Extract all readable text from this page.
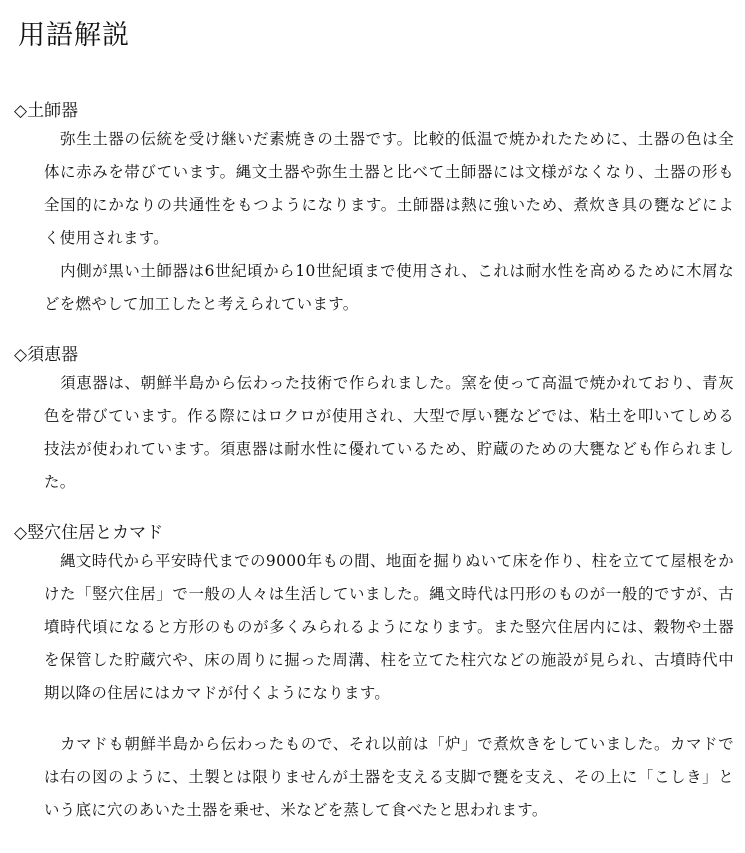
用語解説
◇土師器

弥生土器の伝統を受け継いだ素焼きの土器です。比較的低温で焼かれたために、土器の色は全体に赤みを帯びています。縄文土器や弥生土器と比べて土師器には文様がなくなり、土器の形も全国的にかなりの共通性をもつようになります。土師器は熱に強いため、煮炊き具の甕などによく使用されます。

内側が黒い土師器は6世紀頃から10世紀頃まで使用され、これは耐水性を高めるために木屑などを燃やして加工したと考えられています。

◇須恵器

須恵器は、朝鮮半島から伝わった技術で作られました。窯を使って高温で焼かれており、青灰色を帯びています。作る際にはロクロが使用され、大型で厚い甕などでは、粘土を叩いてしめる技法が使われています。須恵器は耐水性に優れているため、貯蔵のための大甕なども作られました。

◇竪穴住居とカマド

縄文時代から平安時代までの9000年もの間、地面を掘りぬいて床を作り、柱を立てて屋根をかけた「竪穴住居」で一般の人々は生活していました。縄文時代は円形のものが一般的ですが、古墳時代頃になると方形のものが多くみられるようになります。また竪穴住居内には、穀物や土器を保管した貯蔵穴や、床の周りに掘った周溝、柱を立てた柱穴などの施設が見られ、古墳時代中期以降の住居にはカマドが付くようになります。

カマドも朝鮮半島から伝わったもので、それ以前は「炉」で煮炊きをしていました。カマドでは右の図のように、土製とは限りませんが土器を支える支脚で甕を支え、その上に「こしき」という底に穴のあいた土器を乗せ、米などを蒸して食べたと思われます。
